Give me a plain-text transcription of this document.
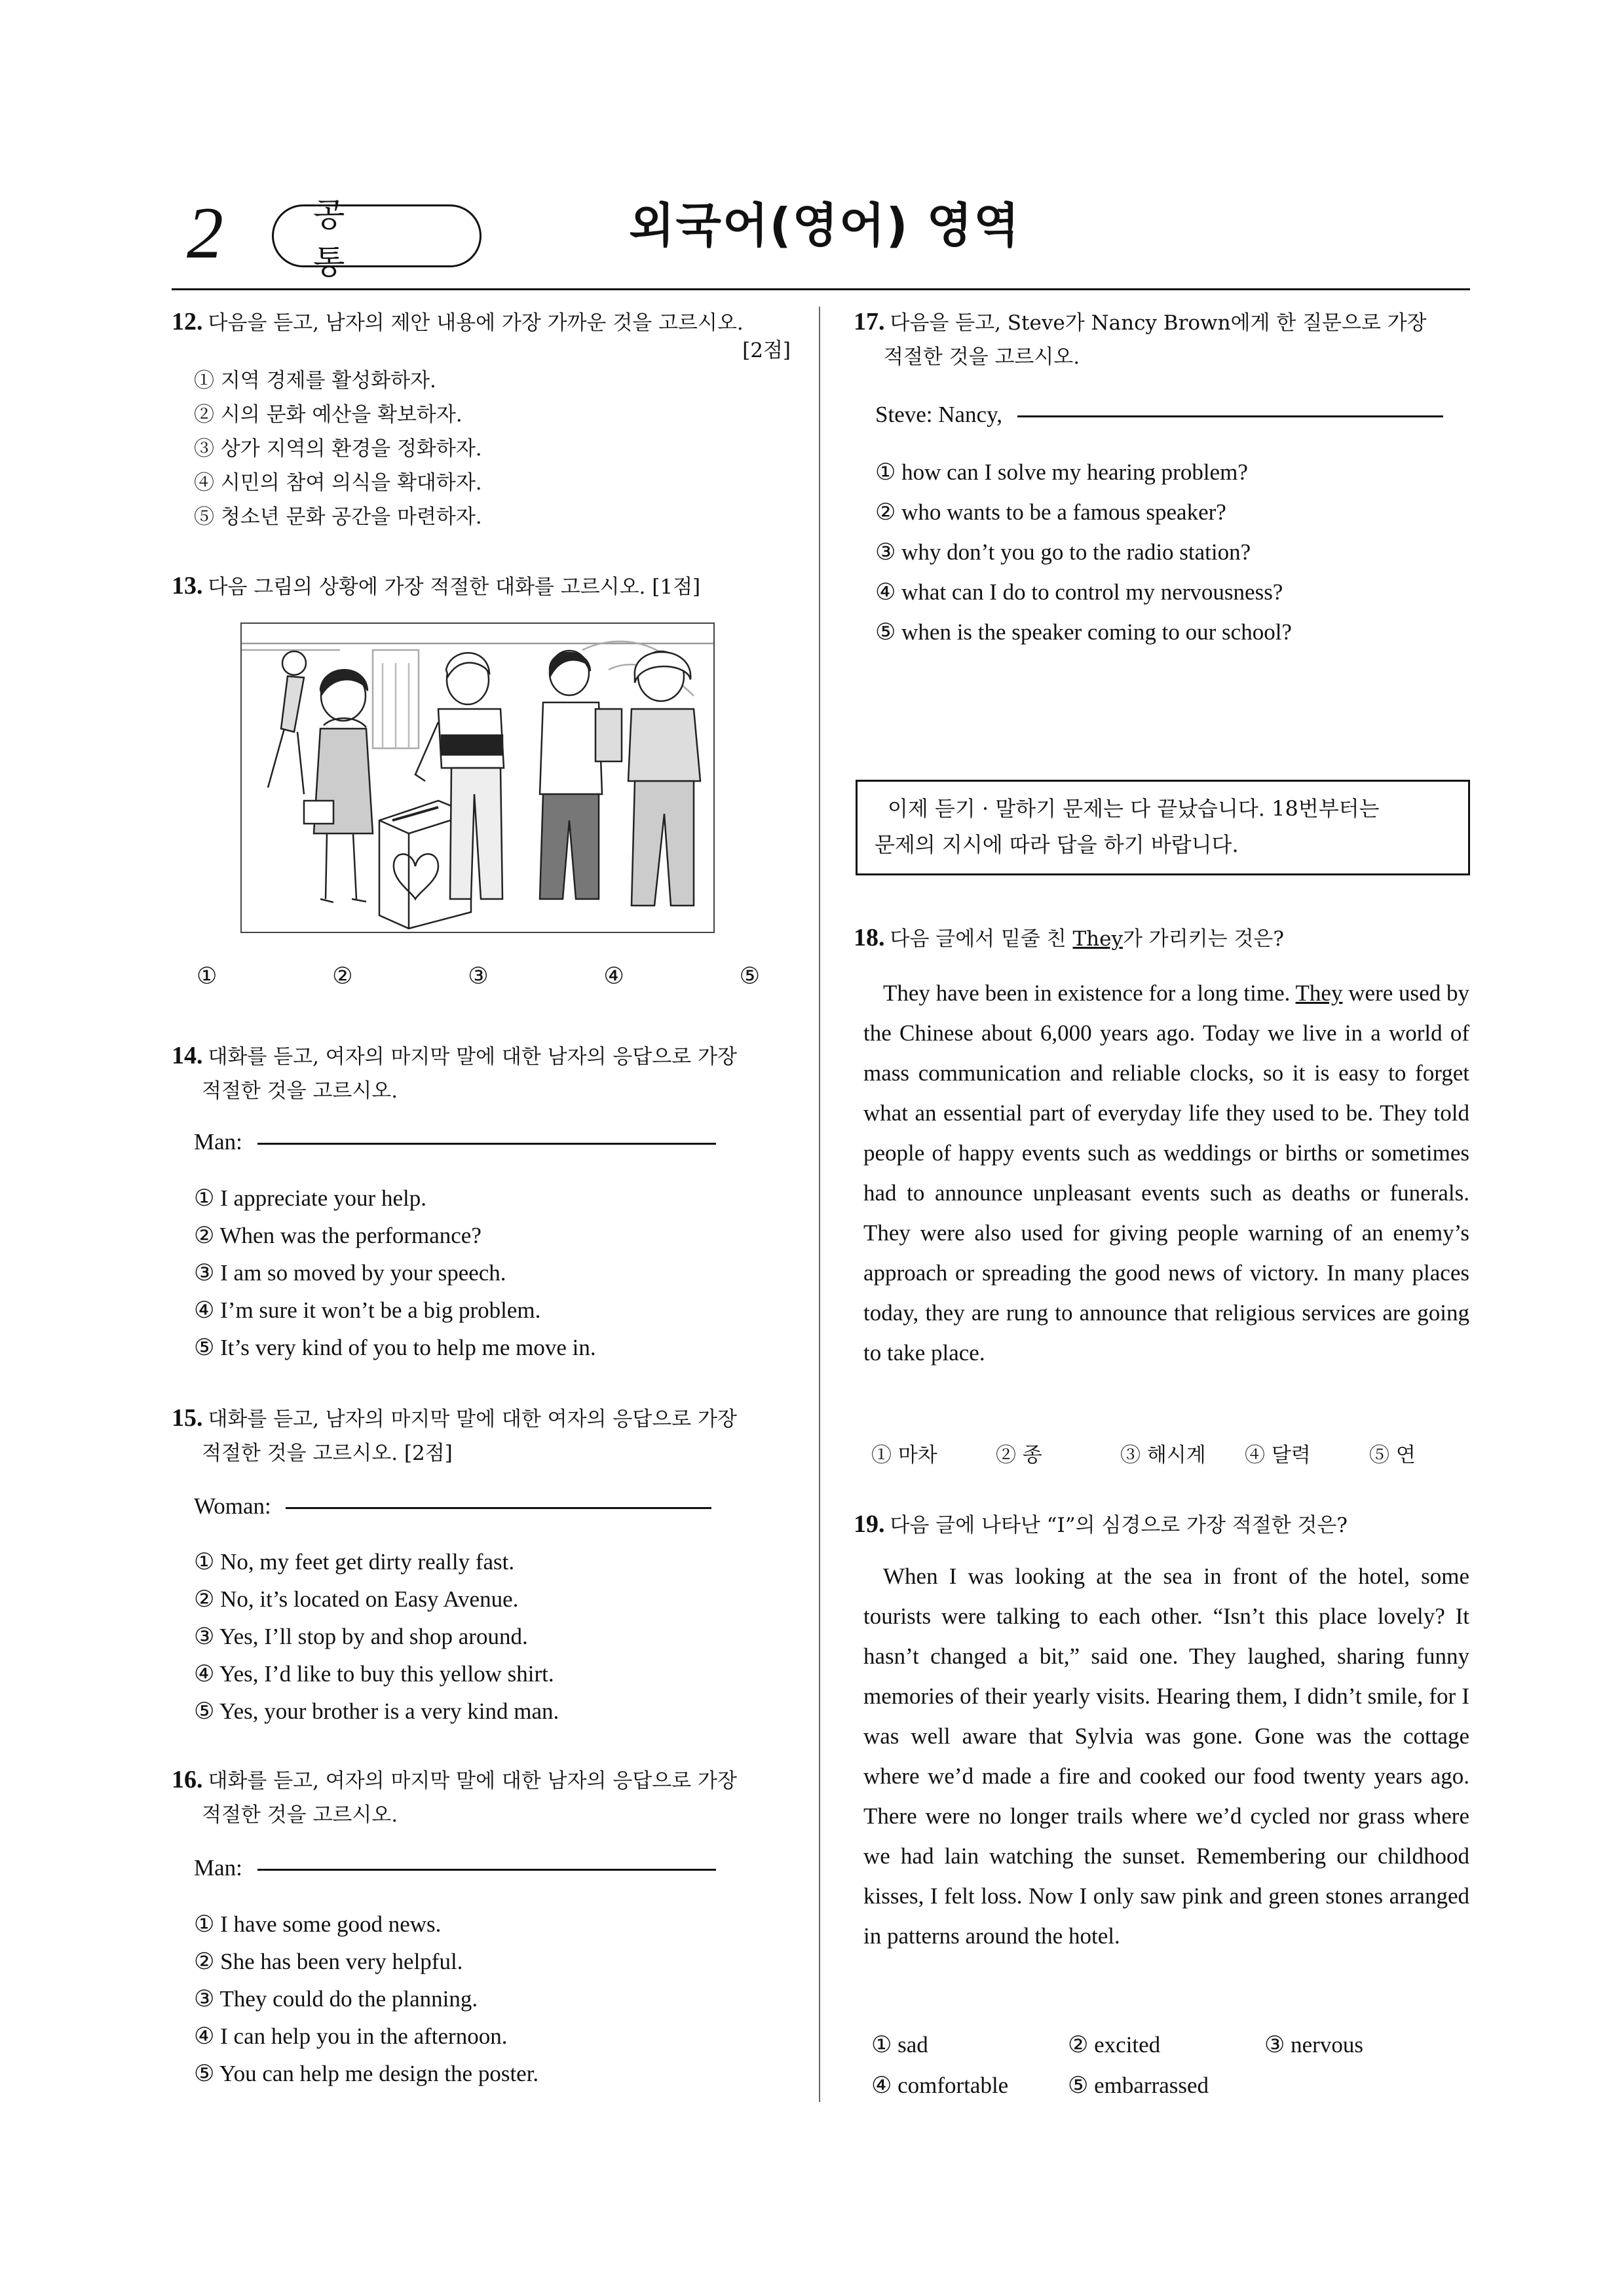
2	공 통
외국어(영어) 영역
12. 다음을 듣고, 남자의 제안 내용에 가장 가까운 것을 고르시오.
[2점]
① 지역 경제를 활성화하자.
② 시의 문화 예산을 확보하자.
③ 상가 지역의 환경을 정화하자.
④ 시민의 참여 의식을 확대하자.
⑤ 청소년 문화 공간을 마련하자.
13. 다음 그림의 상황에 가장 적절한 대화를 고르시오. [1점]
①	②	③	④	⑤
14. 대화를 듣고, 여자의 마지막 말에 대한 남자의 응답으로 가장
적절한 것을 고르시오.
Man:
① I appreciate your help.
② When was the performance?
③ I am so moved by your speech.
④ I’m sure it won’t be a big problem.
⑤ It’s very kind of you to help me move in.
15. 대화를 듣고, 남자의 마지막 말에 대한 여자의 응답으로 가장
적절한 것을 고르시오. [2점]
Woman:
① No, my feet get dirty really fast.
② No, it’s located on Easy Avenue.
③ Yes, I’ll stop by and shop around.
④ Yes, I’d like to buy this yellow shirt.
⑤ Yes, your brother is a very kind man.
16. 대화를 듣고, 여자의 마지막 말에 대한 남자의 응답으로 가장
적절한 것을 고르시오.
Man:
① I have some good news.
② She has been very helpful.
③ They could do the planning.
④ I can help you in the afternoon.
⑤ You can help me design the poster.
17. 다음을 듣고, Steve가 Nancy Brown에게 한 질문으로 가장
적절한 것을 고르시오.
Steve: Nancy,
① how can I solve my hearing problem?
② who wants to be a famous speaker?
③ why don’t you go to the radio station?
④ what can I do to control my nervousness?
⑤ when is the speaker coming to our school?
이제 듣기 · 말하기 문제는 다 끝났습니다. 18번부터는
문제의 지시에 따라 답을 하기 바랍니다.
18. 다음 글에서 밑줄 친 They가 가리키는 것은?
They have been in existence for a long time. They were used by the Chinese about 6,000 years ago. Today we live in a world of mass communication and reliable clocks, so it is easy to forget what an essential part of everyday life they used to be. They told people of happy events such as weddings or births or sometimes had to announce unpleasant events such as deaths or funerals. They were also used for giving people warning of an enemy’s approach or spreading the good news of victory. In many places today, they are rung to announce that religious services are going to take place.
① 마차	② 종	③ 해시계	④ 달력	⑤ 연
19. 다음 글에 나타난 “I”의 심경으로 가장 적절한 것은?
When I was looking at the sea in front of the hotel, some tourists were talking to each other. “Isn’t this place lovely? It hasn’t changed a bit,” said one. They laughed, sharing funny memories of their yearly visits. Hearing them, I didn’t smile, for I was well aware that Sylvia was gone. Gone was the cottage where we’d made a fire and cooked our food twenty years ago. There were no longer trails where we’d cycled nor grass where we had lain watching the sunset. Remembering our childhood kisses, I felt loss. Now I only saw pink and green stones arranged in patterns around the hotel.
① sad	② excited	③ nervous
④ comfortable	⑤ embarrassed
